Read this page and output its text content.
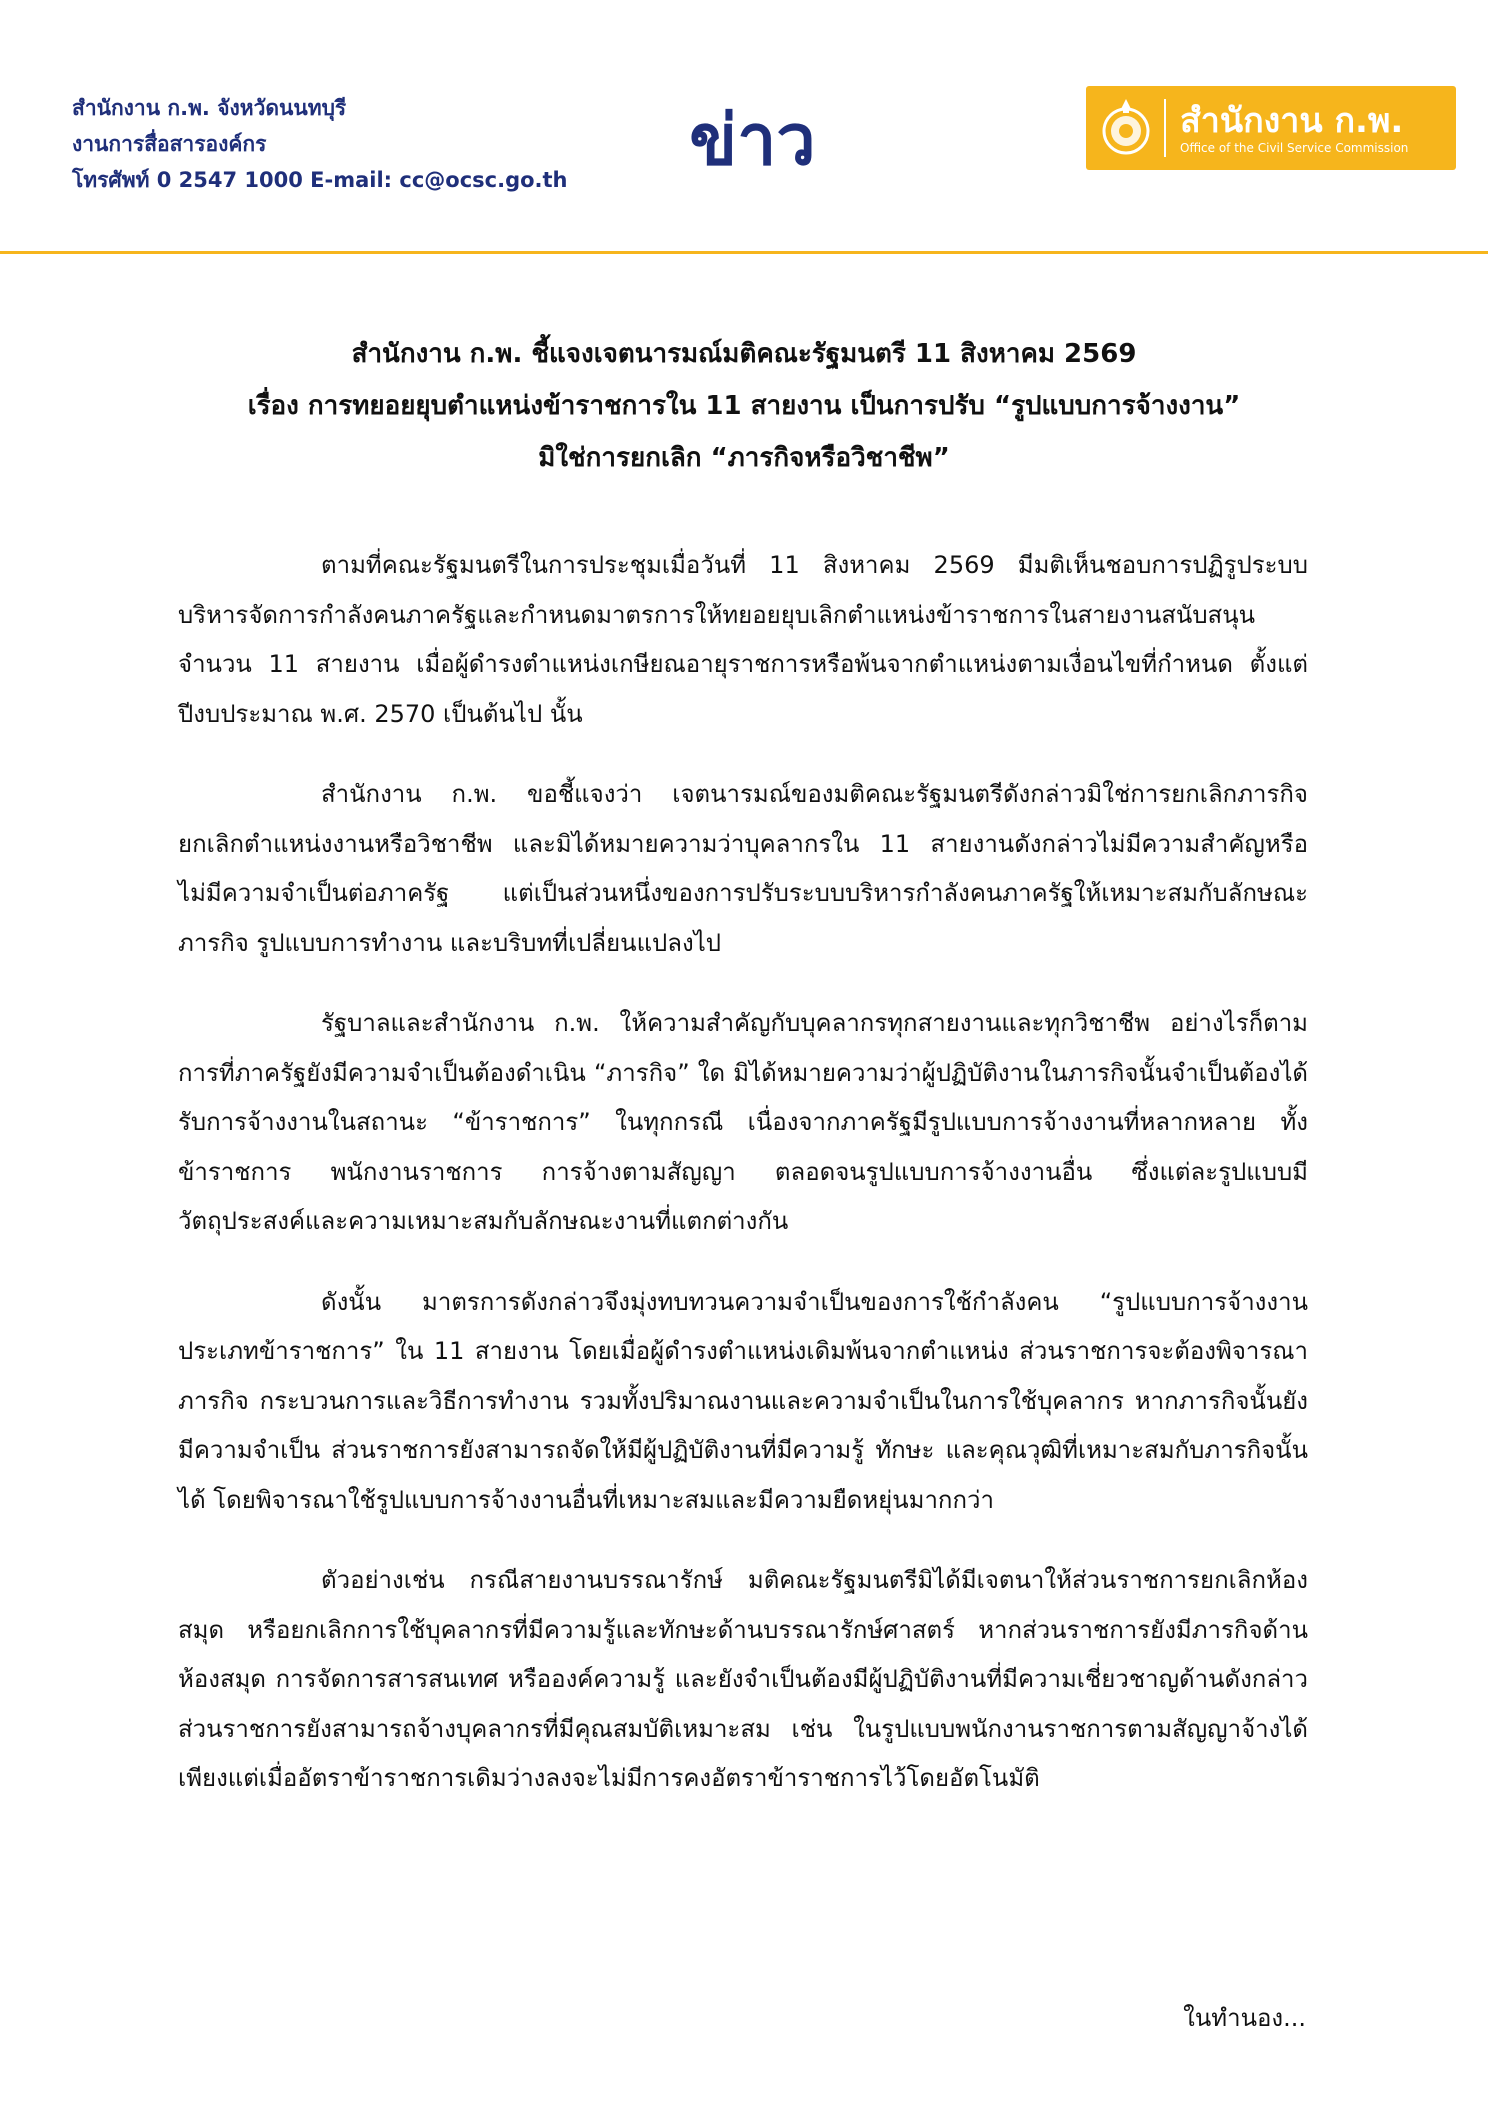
สำนักงาน ก.พ. จังหวัดนนทบุรี
งานการสื่อสารองค์กร
โทรศัพท์ 0 2547 1000 E-mail: cc@ocsc.go.th	ข่าว	สำนักงาน ก.พ.
Office of the Civil Service Commission
สำนักงาน ก.พ. ชี้แจงเจตนารมณ์มติคณะรัฐมนตรี 11 สิงหาคม 2569
เรื่อง การทยอยยุบตำแหน่งข้าราชการใน 11 สายงาน เป็นการปรับ “รูปแบบการจ้างงาน”
มิใช่การยกเลิก “ภารกิจหรือวิชาชีพ”

ตามที่คณะรัฐมนตรีในการประชุมเมื่อวันที่ 11 สิงหาคม 2569 มีมติเห็นชอบการปฏิรูประบบบริหารจัดการกำลังคนภาครัฐและกำหนดมาตรการให้ทยอยยุบเลิกตำแหน่งข้าราชการในสายงานสนับสนุน จำนวน 11 สายงาน เมื่อผู้ดำรงตำแหน่งเกษียณอายุราชการหรือพ้นจากตำแหน่งตามเงื่อนไขที่กำหนด ตั้งแต่ปีงบประมาณ พ.ศ. 2570 เป็นต้นไป นั้น

สำนักงาน ก.พ. ขอชี้แจงว่า เจตนารมณ์ของมติคณะรัฐมนตรีดังกล่าวมิใช่การยกเลิกภารกิจ ยกเลิกตำแหน่งงานหรือวิชาชีพ และมิได้หมายความว่าบุคลากรใน 11 สายงานดังกล่าวไม่มีความสำคัญหรือไม่มีความจำเป็นต่อภาครัฐ แต่เป็นส่วนหนึ่งของการปรับระบบบริหารกำลังคนภาครัฐให้เหมาะสมกับลักษณะภารกิจ รูปแบบการทำงาน และบริบทที่เปลี่ยนแปลงไป

รัฐบาลและสำนักงาน ก.พ. ให้ความสำคัญกับบุคลากรทุกสายงานและทุกวิชาชีพ อย่างไรก็ตาม การที่ภาครัฐยังมีความจำเป็นต้องดำเนิน “ภารกิจ” ใด มิได้หมายความว่าผู้ปฏิบัติงานในภารกิจนั้นจำเป็นต้องได้รับการจ้างงานในสถานะ “ข้าราชการ” ในทุกกรณี เนื่องจากภาครัฐมีรูปแบบการจ้างงานที่หลากหลาย ทั้งข้าราชการ พนักงานราชการ การจ้างตามสัญญา ตลอดจนรูปแบบการจ้างงานอื่น ซึ่งแต่ละรูปแบบมีวัตถุประสงค์และความเหมาะสมกับลักษณะงานที่แตกต่างกัน

ดังนั้น มาตรการดังกล่าวจึงมุ่งทบทวนความจำเป็นของการใช้กำลังคน “รูปแบบการจ้างงานประเภทข้าราชการ” ใน 11 สายงาน โดยเมื่อผู้ดำรงตำแหน่งเดิมพ้นจากตำแหน่ง ส่วนราชการจะต้องพิจารณาภารกิจ กระบวนการและวิธีการทำงาน รวมทั้งปริมาณงานและความจำเป็นในการใช้บุคลากร หากภารกิจนั้นยังมีความจำเป็น ส่วนราชการยังสามารถจัดให้มีผู้ปฏิบัติงานที่มีความรู้ ทักษะ และคุณวุฒิที่เหมาะสมกับภารกิจนั้นได้ โดยพิจารณาใช้รูปแบบการจ้างงานอื่นที่เหมาะสมและมีความยืดหยุ่นมากกว่า

ตัวอย่างเช่น กรณีสายงานบรรณารักษ์ มติคณะรัฐมนตรีมิได้มีเจตนาให้ส่วนราชการยกเลิกห้องสมุด หรือยกเลิกการใช้บุคลากรที่มีความรู้และทักษะด้านบรรณารักษ์ศาสตร์ หากส่วนราชการยังมีภารกิจด้านห้องสมุด การจัดการสารสนเทศ หรือองค์ความรู้ และยังจำเป็นต้องมีผู้ปฏิบัติงานที่มีความเชี่ยวชาญด้านดังกล่าว ส่วนราชการยังสามารถจ้างบุคลากรที่มีคุณสมบัติเหมาะสม เช่น ในรูปแบบพนักงานราชการตามสัญญาจ้างได้ เพียงแต่เมื่ออัตราข้าราชการเดิมว่างลงจะไม่มีการคงอัตราข้าราชการไว้โดยอัตโนมัติ

ในทำนอง...
